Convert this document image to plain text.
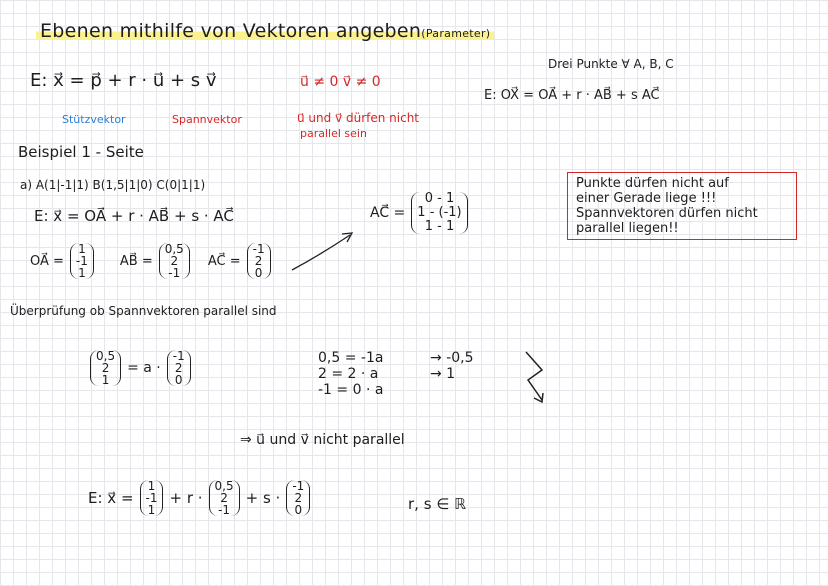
Ebenen mithilfe von Vektoren angeben(Parameter)
E: x⃗ = p⃗ + r · u⃗ + s v⃗
Stützvektor	Spannvektor
u⃗ ≠ 0 v⃗ ≠ 0
u⃗ und v⃗ dürfen nicht
parallel sein
Drei Punkte ∀ A, B, C
E: OX⃗ = OA⃗ + r · AB⃗ + s AC⃗
Beispiel 1 - Seite
a) A(1|-1|1) B(1,5|1|0) C(0|1|1)
E: x⃗ = OA⃗ + r · AB⃗ + s · AC⃗
OA⃗ =
1
-1
1
AB⃗ =
0,5
2
-1
AC⃗ =
-1
2
0
AC⃗ =
0 - 1
1 - (-1)
1 - 1
Punkte dürfen nicht auf
einer Gerade liege !!!
Spannvektoren dürfen nicht
parallel liegen!!
Überprüfung ob Spannvektoren parallel sind
0,5
2
1
= a ·
-1
2
0
0,5 = -1a
2 = 2 · a
-1 = 0 · a
→ -0,5
→ 1
⇒ u⃗ und v⃗ nicht parallel
E: x⃗ =
1
-1
1
+ r ·
0,5
2
-1
+ s ·
-1
2
0	r, s ∈ ℝ
